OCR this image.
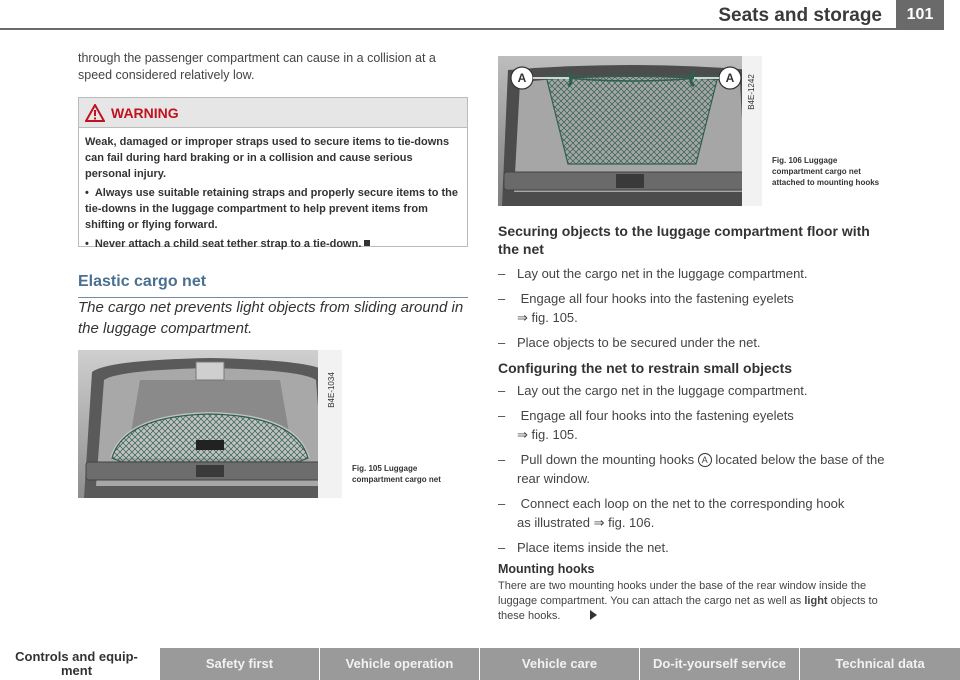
Seats and storage	101
through the passenger compartment can cause in a collision at a speed considered relatively low.
WARNING

Weak, damaged or improper straps used to secure items to tie-downs can fail during hard braking or in a collision and cause serious personal injury.

• Always use suitable retaining straps and properly secure items to the tie-downs in the luggage compartment to help prevent items from shifting or flying forward.

• Never attach a child seat tether strap to a tie-down.

Elastic cargo net
The cargo net prevents light objects from sliding around in the luggage compartment.
B4E-1034
Fig. 105 Luggage compartment cargo net
A	A B4E-1242
Fig. 106 Luggage compartment cargo net attached to mounting hooks
Securing objects to the luggage compartment floor with the net
– Lay out the cargo net in the luggage compartment.
– Engage all four hooks into the fastening eyelets
⇒ fig. 105.
– Place objects to be secured under the net.
Configuring the net to restrain small objects
– Lay out the cargo net in the luggage compartment.
– Engage all four hooks into the fastening eyelets
⇒ fig. 105.
– Pull down the mounting hooks A located below the base of the rear window.
– Connect each loop on the net to the corresponding hook
as illustrated ⇒ fig. 106.
– Place items inside the net.
Mounting hooks
There are two mounting hooks under the base of the rear window inside the luggage compartment. You can attach the cargo net as well as light objects to these hooks.
Controls and equip-ment	Safety first	Vehicle operation	Vehicle care	Do-it-yourself service	Technical data
